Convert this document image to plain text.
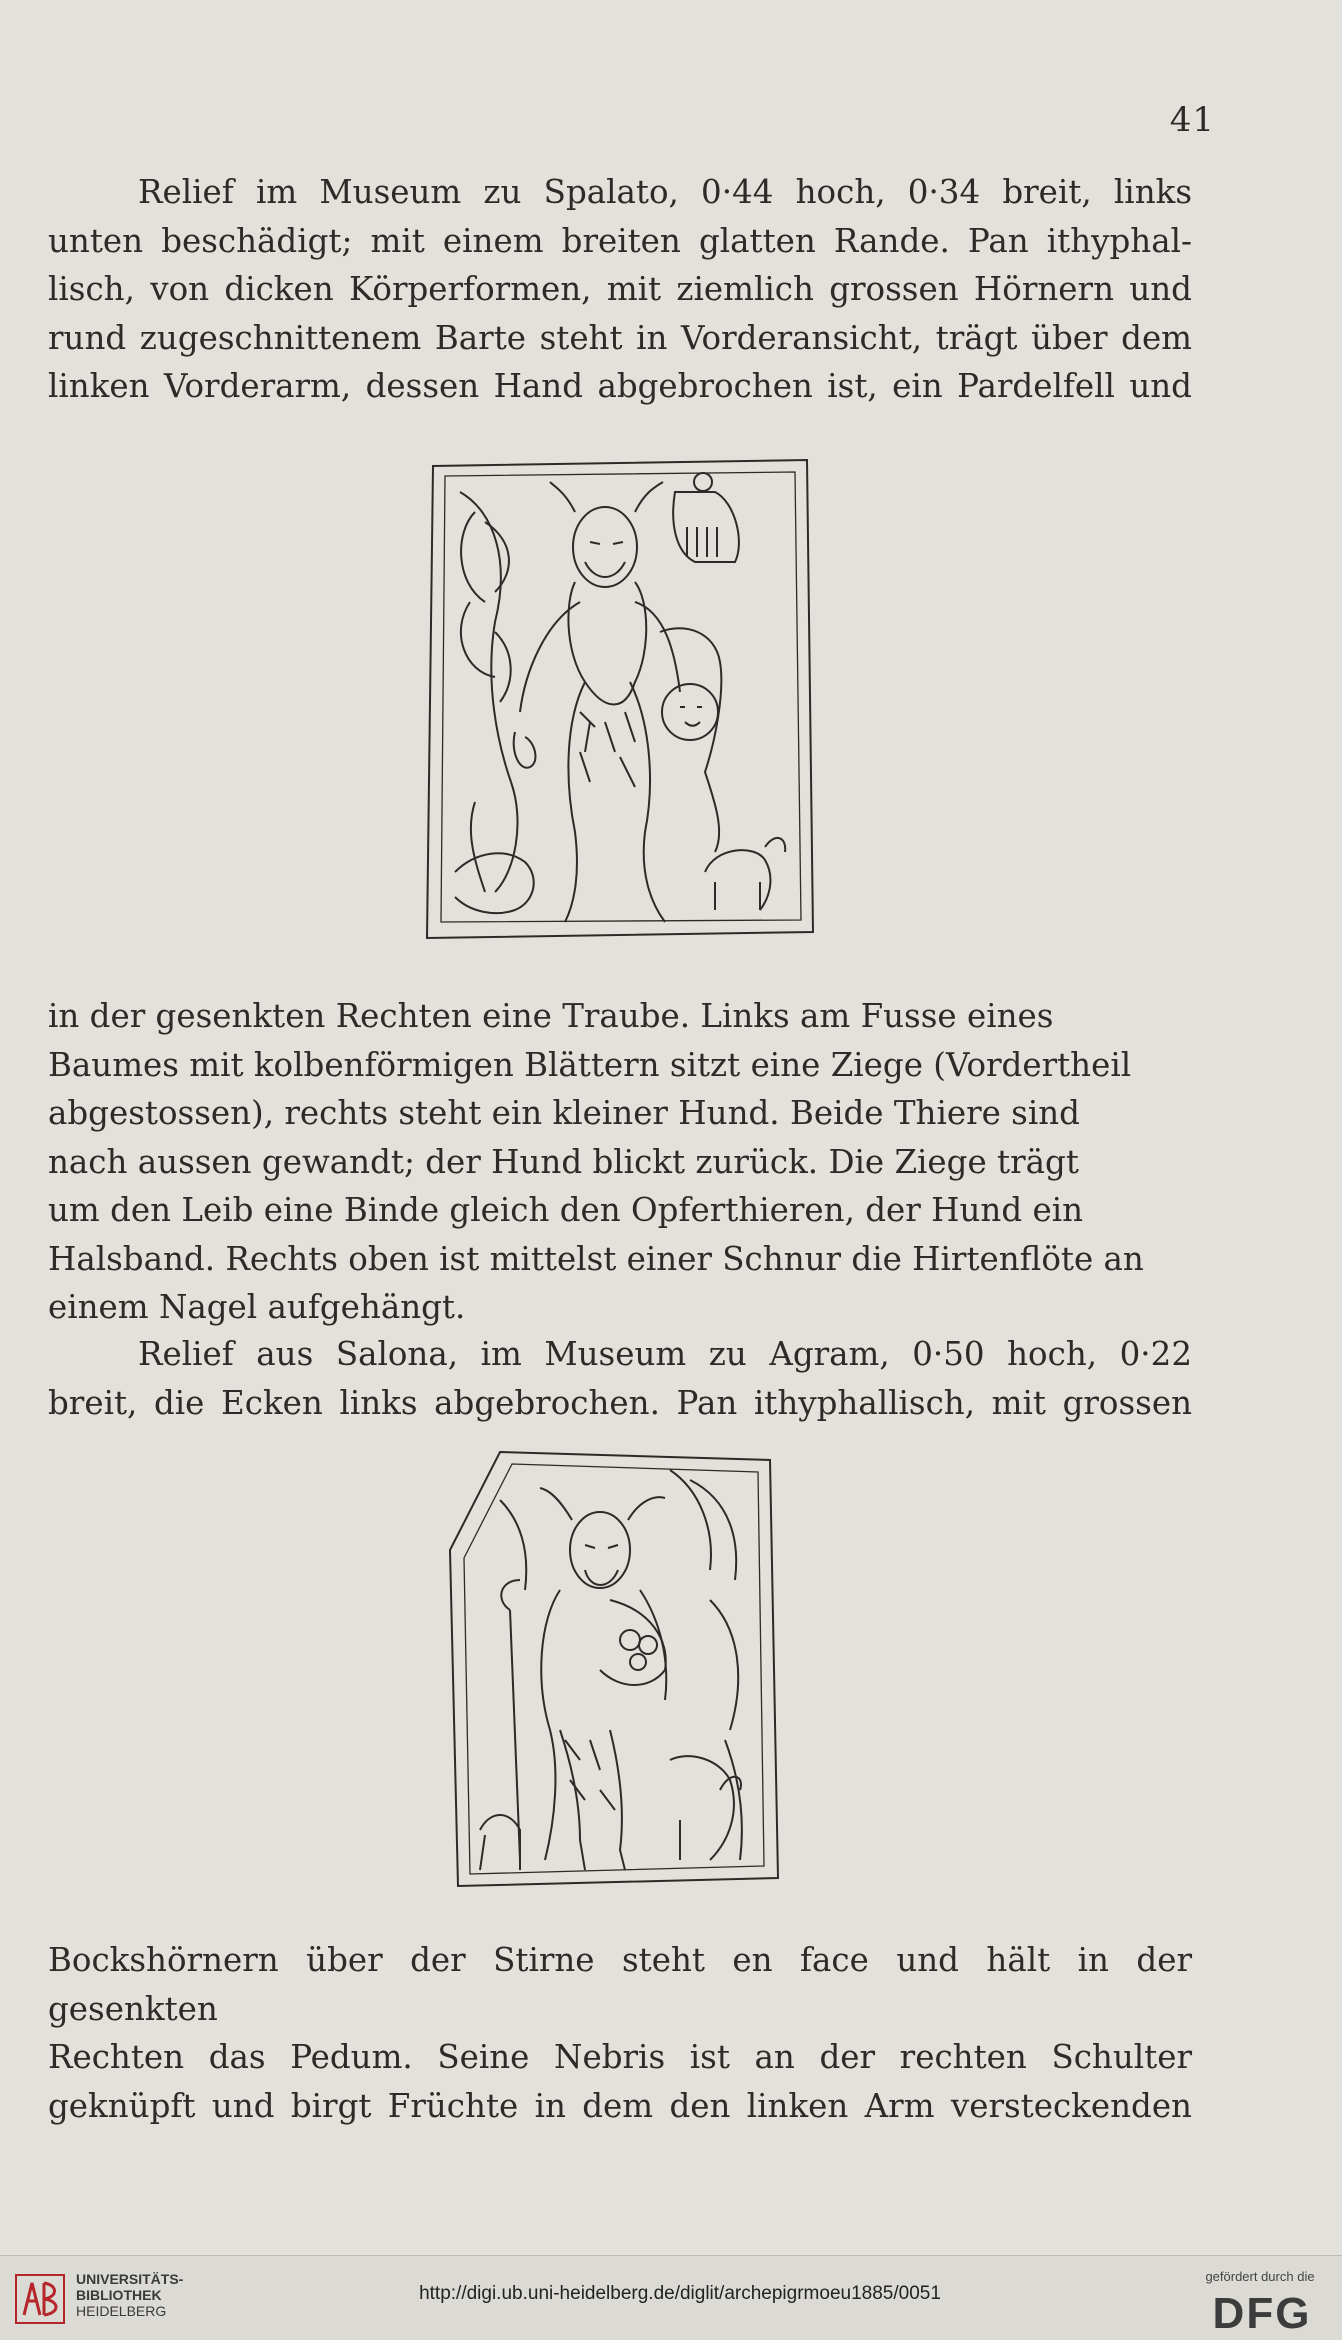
41

Relief im Museum zu Spalato, 0·44 hoch, 0·34 breit, links
unten beschädigt; mit einem breiten glatten Rande. Pan ithyphal-
lisch, von dicken Körperformen, mit ziemlich grossen Hörnern und
rund zugeschnittenem Barte steht in Vorderansicht, trägt über dem
linken Vorderarm, dessen Hand abgebrochen ist, ein Pardelfell und

in der gesenkten Rechten eine Traube. Links am Fusse eines
Baumes mit kolbenförmigen Blättern sitzt eine Ziege (Vordertheil
abgestossen), rechts steht ein kleiner Hund. Beide Thiere sind
nach aussen gewandt; der Hund blickt zurück. Die Ziege trägt
um den Leib eine Binde gleich den Opferthieren, der Hund ein
Halsband. Rechts oben ist mittelst einer Schnur die Hirtenflöte an
einem Nagel aufgehängt.

Relief aus Salona, im Museum zu Agram, 0·50 hoch, 0·22
breit, die Ecken links abgebrochen. Pan ithyphallisch, mit grossen

Bockshörnern über der Stirne steht en face und hält in der gesenkten
Rechten das Pedum. Seine Nebris ist an der rechten Schulter
geknüpft und birgt Früchte in dem den linken Arm versteckenden

UNIVERSITÄTS-
BIBLIOTHEK
HEIDELBERG
http://digi.ub.uni-heidelberg.de/diglit/archepigrmoeu1885/0051
gefördert durch die
DFG
